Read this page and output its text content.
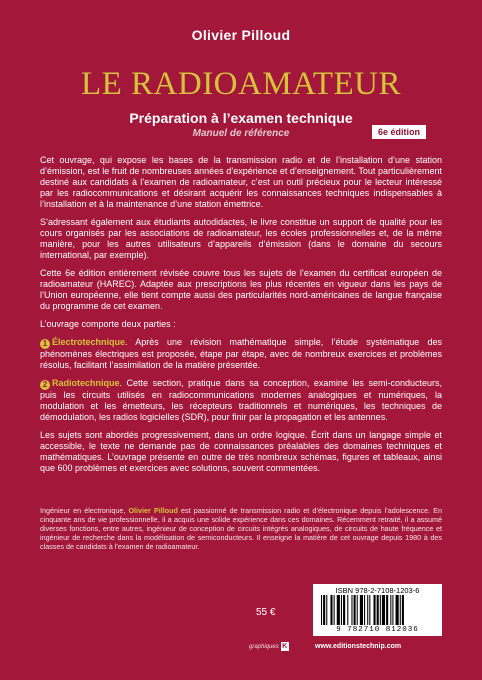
Olivier Pilloud
LE RADIOAMATEUR
Préparation à l’examen technique
Manuel de référence	6e édition

Cet ouvrage, qui expose les bases de la transmission radio et de l’installation d’une station d’émission, est le fruit de nombreuses années d’expérience et d’enseignement. Tout particulièrement destiné aux candidats à l’examen de radioamateur, c’est un outil précieux pour le lecteur intéressé par les radiocommunications et désirant acquérir les connaissances techniques indispensables à l’installation et à la maintenance d’une station émettrice.

S’adressant également aux étudiants autodidactes, le livre constitue un support de qualité pour les cours organisés par les associations de radioamateur, les écoles professionnelles et, de la même manière, pour les autres utilisateurs d’appareils d’émission (dans le domaine du secours international, par exemple).

Cette 6e édition entièrement révisée couvre tous les sujets de l’examen du certificat européen de radioamateur (HAREC). Adaptée aux prescriptions les plus récentes en vigueur dans les pays de l’Union européenne, elle tient compte aussi des particularités nord-américaines de langue française du programme de cet examen.

L’ouvrage comporte deux parties :

1 Électrotechnique. Après une révision mathématique simple, l’étude systématique des phénomènes électriques est proposée, étape par étape, avec de nombreux exercices et problèmes résolus, facilitant l’assimilation de la matière présentée.

2 Radiotechnique. Cette section, pratique dans sa conception, examine les semi-conducteurs, puis les circuits utilisés en radiocommunications modernes analogiques et numériques, la modulation et les émetteurs, les récepteurs traditionnels et numériques, les techniques de démodulation, les radios logicielles (SDR), pour finir par la propagation et les antennes.

Les sujets sont abordés progressivement, dans un ordre logique. Écrit dans un langage simple et accessible, le texte ne demande pas de connaissances préalables des domaines techniques et mathématiques. L’ouvrage présente en outre de très nombreux schémas, figures et tableaux, ainsi que 600 problèmes et exercices avec solutions, souvent commentées.

Ingénieur en électronique, Olivier Pilloud est passionné de transmission radio et d’électronique depuis l’adolescence. En cinquante ans de vie professionnelle, il a acquis une solide expérience dans ces domaines. Récemment retraité, il a assumé diverses fonctions, entre autres, ingénieur de conception de circuits intégrés analogiques, de circuits de haute fréquence et ingénieur de recherche dans la modélisation de semiconducteurs. Il enseigne la matière de cet ouvrage depuis 1980 à des classes de candidats à l’examen de radioamateur.
55 €
graphiques K
ISBN 978-2-7108-1203-6
9 782710 812036
www.editionstechnip.com
